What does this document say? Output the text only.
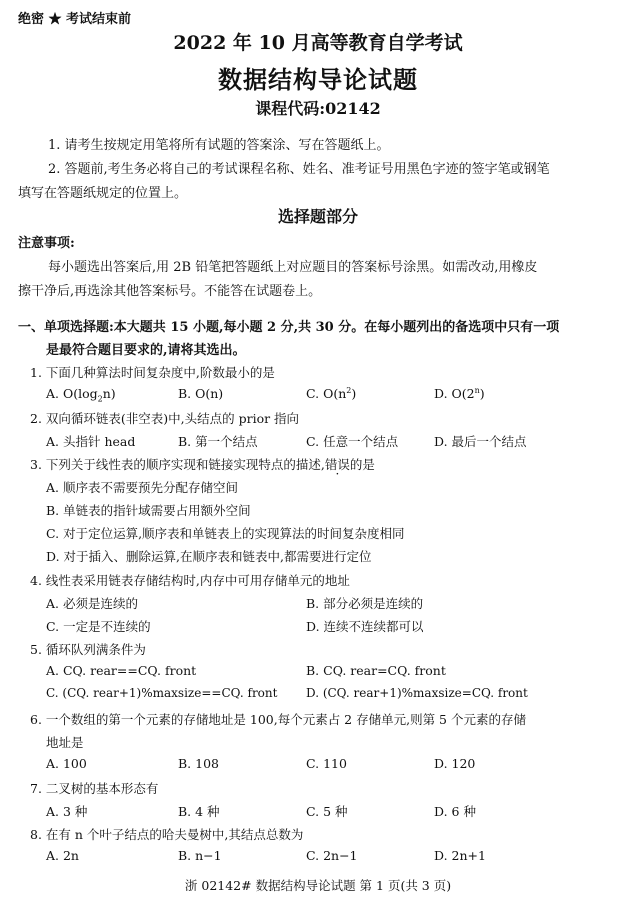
绝密 ★ 考试结束前
2022 年 10 月高等教育自学考试
数据结构导论试题
课程代码:02142
1. 请考生按规定用笔将所有试题的答案涂、写在答题纸上。
2. 答题前,考生务必将自己的考试课程名称、姓名、准考证号用黑色字迹的签字笔或钢笔
填写在答题纸规定的位置上。
选择题部分
注意事项:
每小题选出答案后,用 2B 铅笔把答题纸上对应题目的答案标号涂黑。如需改动,用橡皮
擦干净后,再选涂其他答案标号。不能答在试题卷上。
一、单项选择题:本大题共 15 小题,每小题 2 分,共 30 分。在每小题列出的备选项中只有一项
是最符合题目要求的,请将其选出。
1. 下面几种算法时间复杂度中,阶数最小的是
A. $O(\log_2n)$	B. O(n)	C. $O(n^2)$	D. O(2$^n$)
2. 双向循环链表(非空表)中,头结点的 prior 指向
A. 头指针 head	B. 第一个结点	C. 任意一个结点	D. 最后一个结点
3. 下列关于线性表的顺序实现和链接实现特点的描述,错误的是
A. 顺序表不需要预先分配存储空间
B. 单链表的指针域需要占用额外空间
C. 对于定位运算,顺序表和单链表上的实现算法的时间复杂度相同
D. 对于插入、删除运算,在顺序表和链表中,都需要进行定位
4. 线性表采用链表存储结构时,内存中可用存储单元的地址
A. 必须是连续的	B. 部分必须是连续的
C. 一定是不连续的	D. 连续不连续都可以
5. 循环队列满条件为
A. CQ. rear==CQ. front	B. CQ. rear=CQ. front
C. (CQ. rear+1)%maxsize==CQ. front D. (CQ. rear+1)%maxsize=CQ. front
6. 一个数组的第一个元素的存储地址是 100,每个元素占 2 存储单元,则第 5 个元素的存储
地址是
A. 100	B. 108	C. 110	D. 120
7. 二叉树的基本形态有
A. 3 种	B. 4 种	C. 5 种	D. 6 种
8. 在有 n 个叶子结点的哈夫曼树中,其结点总数为
A. 2n	B. n−1	C. 2n−1	D. 2n+1
浙 02142# 数据结构导论试题 第 1 页(共 3 页)
